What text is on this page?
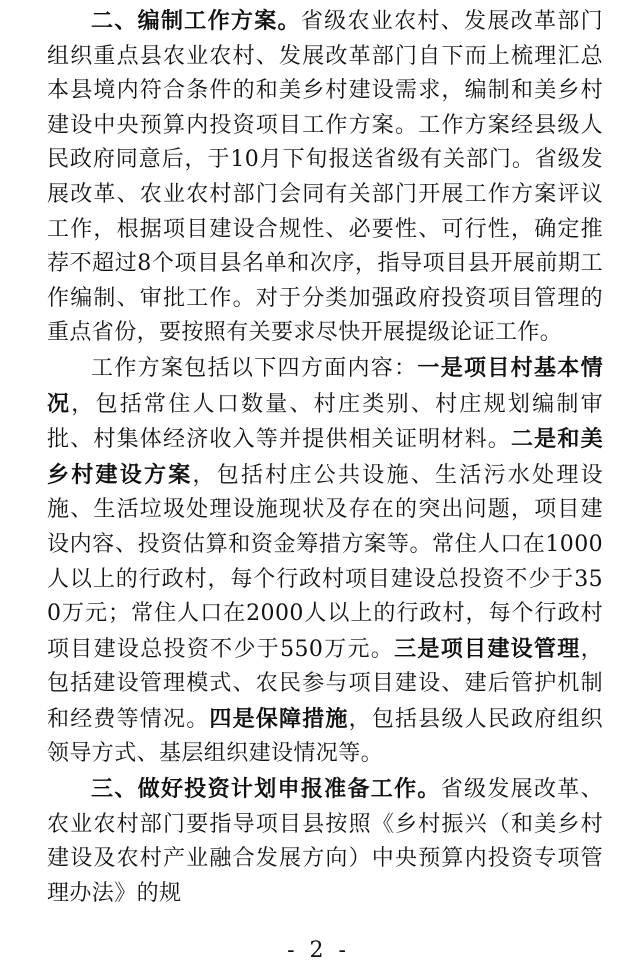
二、编制工作方案。省级农业农村、发展改革部门组织重点县农业农村、发展改革部门自下而上梳理汇总本县境内符合条件的和美乡村建设需求，编制和美乡村建设中央预算内投资项目工作方案。工作方案经县级人民政府同意后，于10月下旬报送省级有关部门。省级发展改革、农业农村部门会同有关部门开展工作方案评议工作，根据项目建设合规性、必要性、可行性，确定推荐不超过8个项目县名单和次序，指导项目县开展前期工作编制、审批工作。对于分类加强政府投资项目管理的重点省份，要按照有关要求尽快开展提级论证工作。

工作方案包括以下四方面内容：一是项目村基本情况，包括常住人口数量、村庄类别、村庄规划编制审批、村集体经济收入等并提供相关证明材料。二是和美乡村建设方案，包括村庄公共设施、生活污水处理设施、生活垃圾处理设施现状及存在的突出问题，项目建设内容、投资估算和资金筹措方案等。常住人口在1000人以上的行政村，每个行政村项目建设总投资不少于350万元；常住人口在2000人以上的行政村，每个行政村项目建设总投资不少于550万元。三是项目建设管理，包括建设管理模式、农民参与项目建设、建后管护机制和经费等情况。四是保障措施，包括县级人民政府组织领导方式、基层组织建设情况等。

三、做好投资计划申报准备工作。省级发展改革、农业农村部门要指导项目县按照《乡村振兴（和美乡村建设及农村产业融合发展方向）中央预算内投资专项管理办法》的规

- 2 -
